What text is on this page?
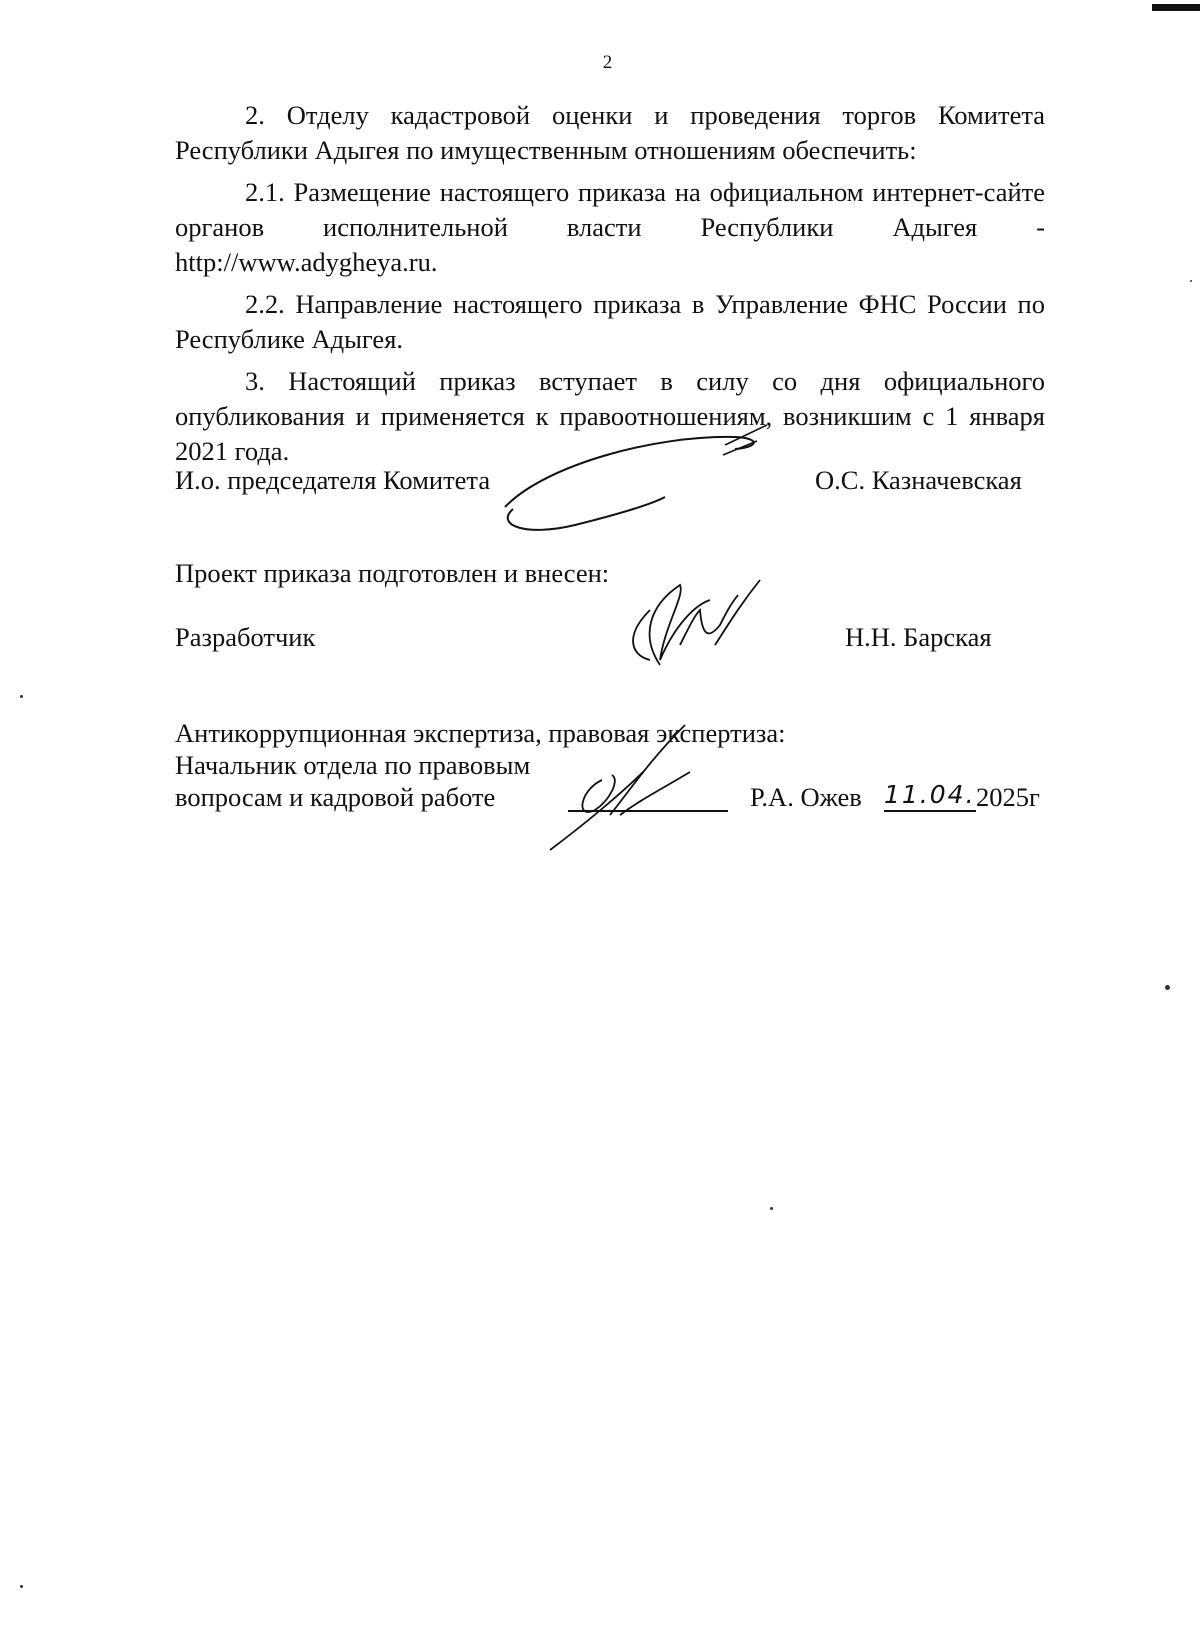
2

2. Отделу кадастровой оценки и проведения торгов Комитета Республики Адыгея по имущественным отношениям обеспечить:

2.1. Размещение настоящего приказа на официальном интернет-сайте органов исполнительной власти Республики Адыгея - http://www.adygheya.ru.

2.2. Направление настоящего приказа в Управление ФНС России по Республике Адыгея.

3. Настоящий приказ вступает в силу со дня официального опубликования и применяется к правоотношениям, возникшим с 1 января 2021 года.

И.о. председателя Комитета	О.С. Казначевская
Проект приказа подготовлен и внесен:
Разработчик	Н.Н. Барская
Антикоррупционная экспертиза, правовая экспертиза:
Начальник отдела по правовым
вопросам и кадровой работе	Р.А. Ожев 11.04. 2025г
